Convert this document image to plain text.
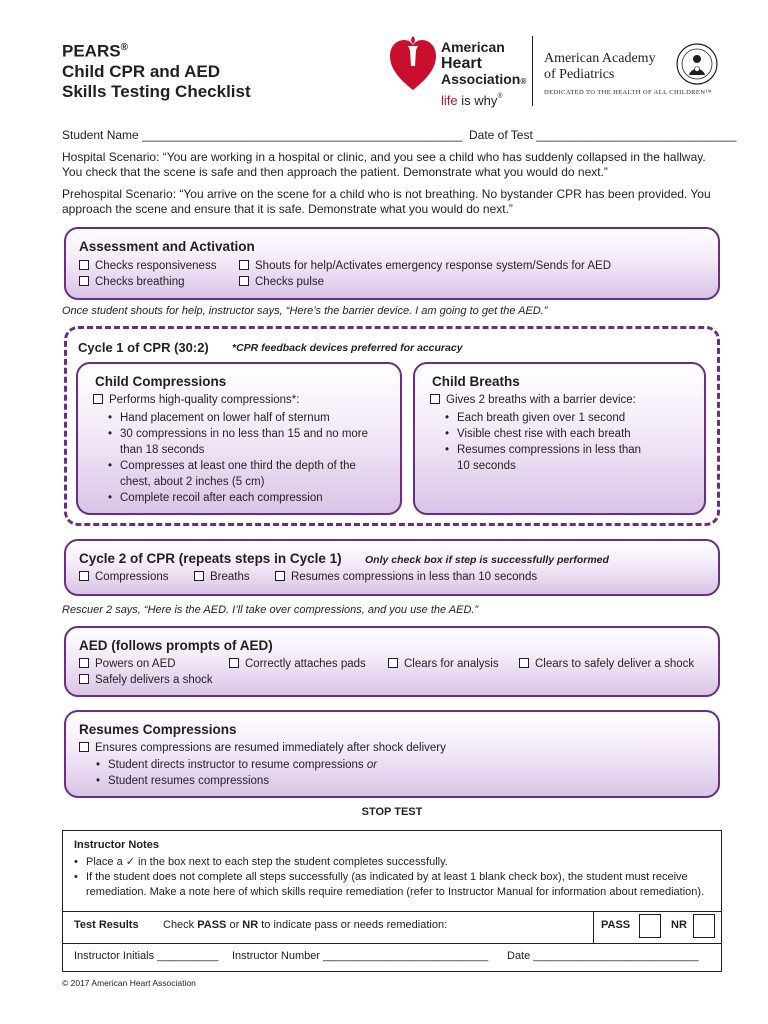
PEARS®
Child CPR and AED
Skills Testing Checklist
American
Heart
Association®
life is why®
American Academy
of Pediatrics
DEDICATED TO THE HEALTH OF ALL CHILDREN™
Student Name ________________________________________________ Date of Test ______________________________
Hospital Scenario: “You are working in a hospital or clinic, and you see a child who has suddenly collapsed in the hallway. You check that the scene is safe and then approach the patient. Demonstrate what you would do next.”
Prehospital Scenario: “You arrive on the scene for a child who is not breathing. No bystander CPR has been provided. You approach the scene and ensure that it is safe. Demonstrate what you would do next.”
Assessment and Activation
Checks responsiveness	Shouts for help/Activates emergency response system/Sends for AED
Checks breathing	Checks pulse
Once student shouts for help, instructor says, “Here’s the barrier device. I am going to get the AED.”
Cycle 1 of CPR (30:2) *CPR feedback devices preferred for accuracy
Child Compressions
Performs high-quality compressions*:
• Hand placement on lower half of sternum
• 30 compressions in no less than 15 and no more
than 18 seconds
• Compresses at least one third the depth of the
chest, about 2 inches (5 cm)
• Complete recoil after each compression
Child Breaths
Gives 2 breaths with a barrier device:
• Each breath given over 1 second
• Visible chest rise with each breath
• Resumes compressions in less than
10 seconds
Cycle 2 of CPR (repeats steps in Cycle 1) Only check box if step is successfully performed
Compressions	Breaths	Resumes compressions in less than 10 seconds
Rescuer 2 says, “Here is the AED. I’ll take over compressions, and you use the AED.”
AED (follows prompts of AED)
Powers on AED	Correctly attaches pads	Clears for analysis	Clears to safely deliver a shock
Safely delivers a shock
Resumes Compressions
Ensures compressions are resumed immediately after shock delivery
• Student directs instructor to resume compressions or
• Student resumes compressions
STOP TEST
Instructor Notes
• Place a ✓ in the box next to each step the student completes successfully.
• If the student does not complete all steps successfully (as indicated by at least 1 blank check box), the student must receive
remediation. Make a note here of which skills require remediation (refer to Instructor Manual for information about remediation).
Test Results Check PASS or NR to indicate pass or needs remediation:	PASS	NR
Instructor Initials __________ Instructor Number ___________________________ Date ___________________________
© 2017 American Heart Association
